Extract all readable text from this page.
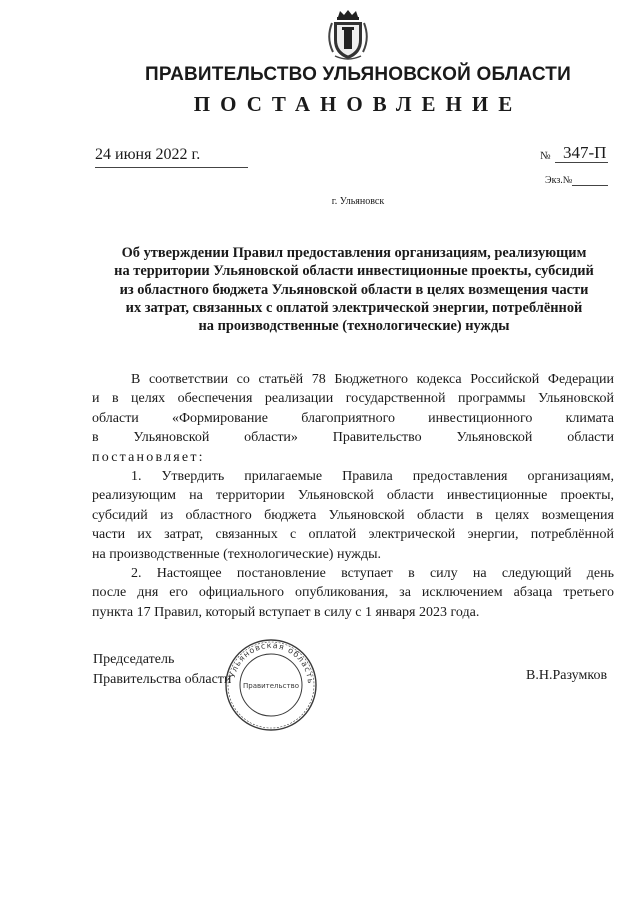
ПРАВИТЕЛЬСТВО УЛЬЯНОВСКОЙ ОБЛАСТИ
ПОСТАНОВЛЕНИЕ
24 июня 2022 г.	№ 347-П
Экз.№
г. Ульяновск
Об утверждении Правил предоставления организациям, реализующим
на территории Ульяновской области инвестиционные проекты, субсидий
из областного бюджета Ульяновской области в целях возмещения части
их затрат, связанных с оплатой электрической энергии, потреблённой
на производственные (технологические) нужды

В соответствии со статьёй 78 Бюджетного кодекса Российской Федерации

и в целях обеспечения реализации государственной программы Ульяновской

области «Формирование благоприятного инвестиционного климата

в Ульяновской области» Правительство Ульяновской области

постановляет:

1. Утвердить прилагаемые Правила предоставления организациям,

реализующим на территории Ульяновской области инвестиционные проекты,

субсидий из областного бюджета Ульяновской области в целях возмещения

части их затрат, связанных с оплатой электрической энергии, потреблённой

на производственные (технологические) нужды.

2. Настоящее постановление вступает в силу на следующий день

после дня его официального опубликования, за исключением абзаца третьего

пункта 17 Правил, который вступает в силу с 1 января 2023 года.

Председатель
Правительства области	В.Н.Разумков
Ульяновская область
Правительство
